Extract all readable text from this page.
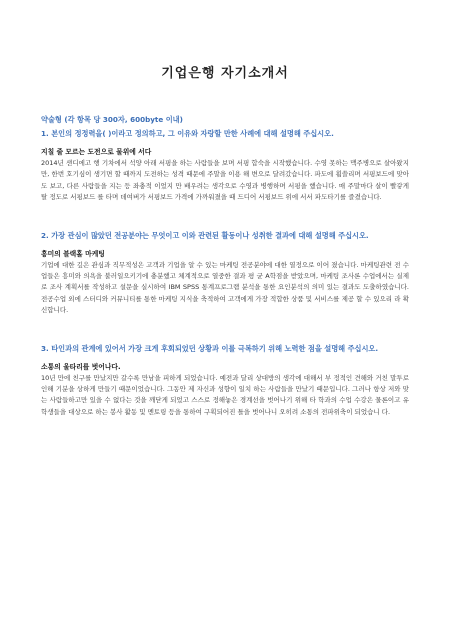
기업은행 자기소개서
약술형 (각 항목 당 300자, 600byte 이내)

1. 본인의 정정력을( )이라고 정의하고, 그 이유와 자랑할 만한 사례에 대해 설명해 주십시오.

지칠 줄 모르는 도전으로 물위에 서다
2014년 샌디에고 행 기차에서 석양 아래 서핑을 하는 사람들을 보며 서핑 합숙을 시작했습니다. 수영 못하는 맥주병으로 살아왔지만, 한번 호기심이 생기면 할 때까지 도전하는 성격 때문에 주말을 이용 해 변으로 달려갔습니다. 파도에 휩쓸리며 서핑보드에 맞아도 보고, 다른 사람들을 지는 등 좌충적 이었지 만 배우려는 생각으로 수영과 병행하며 서핑을 했습니다. 매 주말마다 살이 빨갛게 탈 정도로 서핑보드 를 타며 데여버가 서핑보드 가격에 가까워졌을 때 드디어 서핑보드 위에 서서 파도타기를 즐겼습니다.

2. 가장 관심이 많았던 전공분야는 무엇이고 이와 관련된 활동이나 성취한 결과에 대해 설명해 주십시오.

흥미의 블랙홀 마케팅
기업에 대한 깊은 관심과 직무적성은 고객과 기업을 알 수 있는 마케팅 전공분야에 대한 열정으로 이어 졌습니다. 마케팅관련 전 수업들은 흥미와 의욕을 불러일으키기에 충분했고 체계적으로 열중한 결과 평 균 A학점을 받았으며, 마케팅 조사론 수업에서는 실제로 조사 계획서를 작성하고 설문을 실시하여 IBM SPSS 통계프로그램 분석을 통한 요인분석의 의미 있는 결과도 도출하였습니다. 전공수업 외에 스터디와 커뮤니티를 통한 마케팅 지식을 축적하여 고객에게 가장 적합한 상품 및 서비스를 제공 할 수 있으리 라 확신합니다.

3. 타인과의 관계에 있어서 가장 크게 후회되었던 상황과 이를 극복하기 위해 노력한 점을 설명해 주십시오.

소통의 울타리를 벗어나다.
10년 만에 친구를 만났지만 갈수록 만남을 피하게 되었습니다. 예전과 달리 상대방의 생각에 대해서 부 정적인 견해와 거친 말투로 인해 기분을 상하게 만들기 때문이었습니다. 그동안 제 자신과 성향이 일치 하는 사람들을 만났기 때문입니다. 그러나 항상 저와 맞는 사람들하고만 있을 수 없다는 것을 깨닫게 되었고 스스로 정해놓은 경계선을 벗어나기 위해 타 학과의 수업 수강은 물론이고 유학생들을 대상으로 하는 봉사 활동 및 멘토링 등을 통하여 구획되어진 틀을 벗어나니 오히려 소통의 전파위축이 되었습니 다.
